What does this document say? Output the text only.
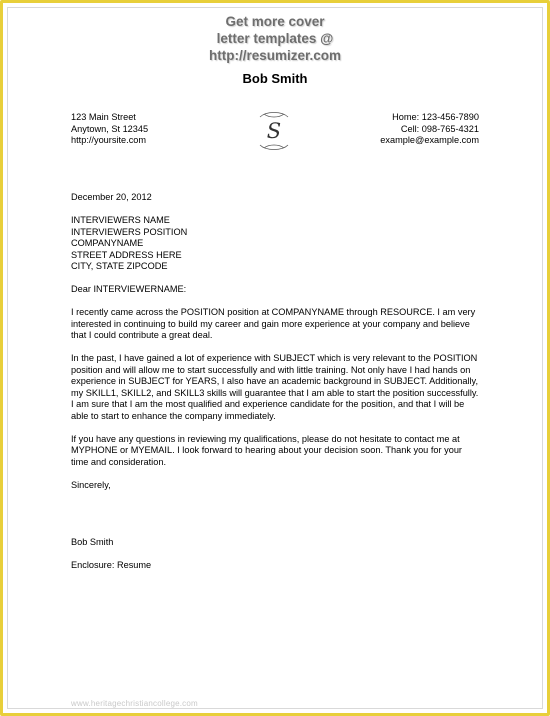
Get more cover
letter templates @
http://resumizer.com
Bob Smith
123 Main Street
Anytown, St 12345
http://yoursite.com	S
Home: 123-456-7890
Cell: 098-765-4321
example@example.com

December 20, 2012

INTERVIEWERS NAME

INTERVIEWERS POSITION

COMPANYNAME

STREET ADDRESS HERE

CITY, STATE ZIPCODE

Dear INTERVIEWERNAME:

I recently came across the POSITION position at COMPANYNAME through RESOURCE. I am very interested in continuing to build my career and gain more experience at your company and believe that I could contribute a great deal.

In the past, I have gained a lot of experience with SUBJECT which is very relevant to the POSITION position and will allow me to start successfully and with little training. Not only have I had hands on experience in SUBJECT for YEARS, I also have an academic background in SUBJECT. Additionally, my SKILL1, SKILL2, and SKILL3 skills will guarantee that I am able to start the position successfully. I am sure that I am the most qualified and experience candidate for the position, and that I will be able to start to enhance the company immediately.

If you have any questions in reviewing my qualifications, please do not hesitate to contact me at MYPHONE or MYEMAIL. I look forward to hearing about your decision soon. Thank you for your time and consideration.

Sincerely,

Bob Smith

Enclosure: Resume

www.heritagechristiancollege.com
